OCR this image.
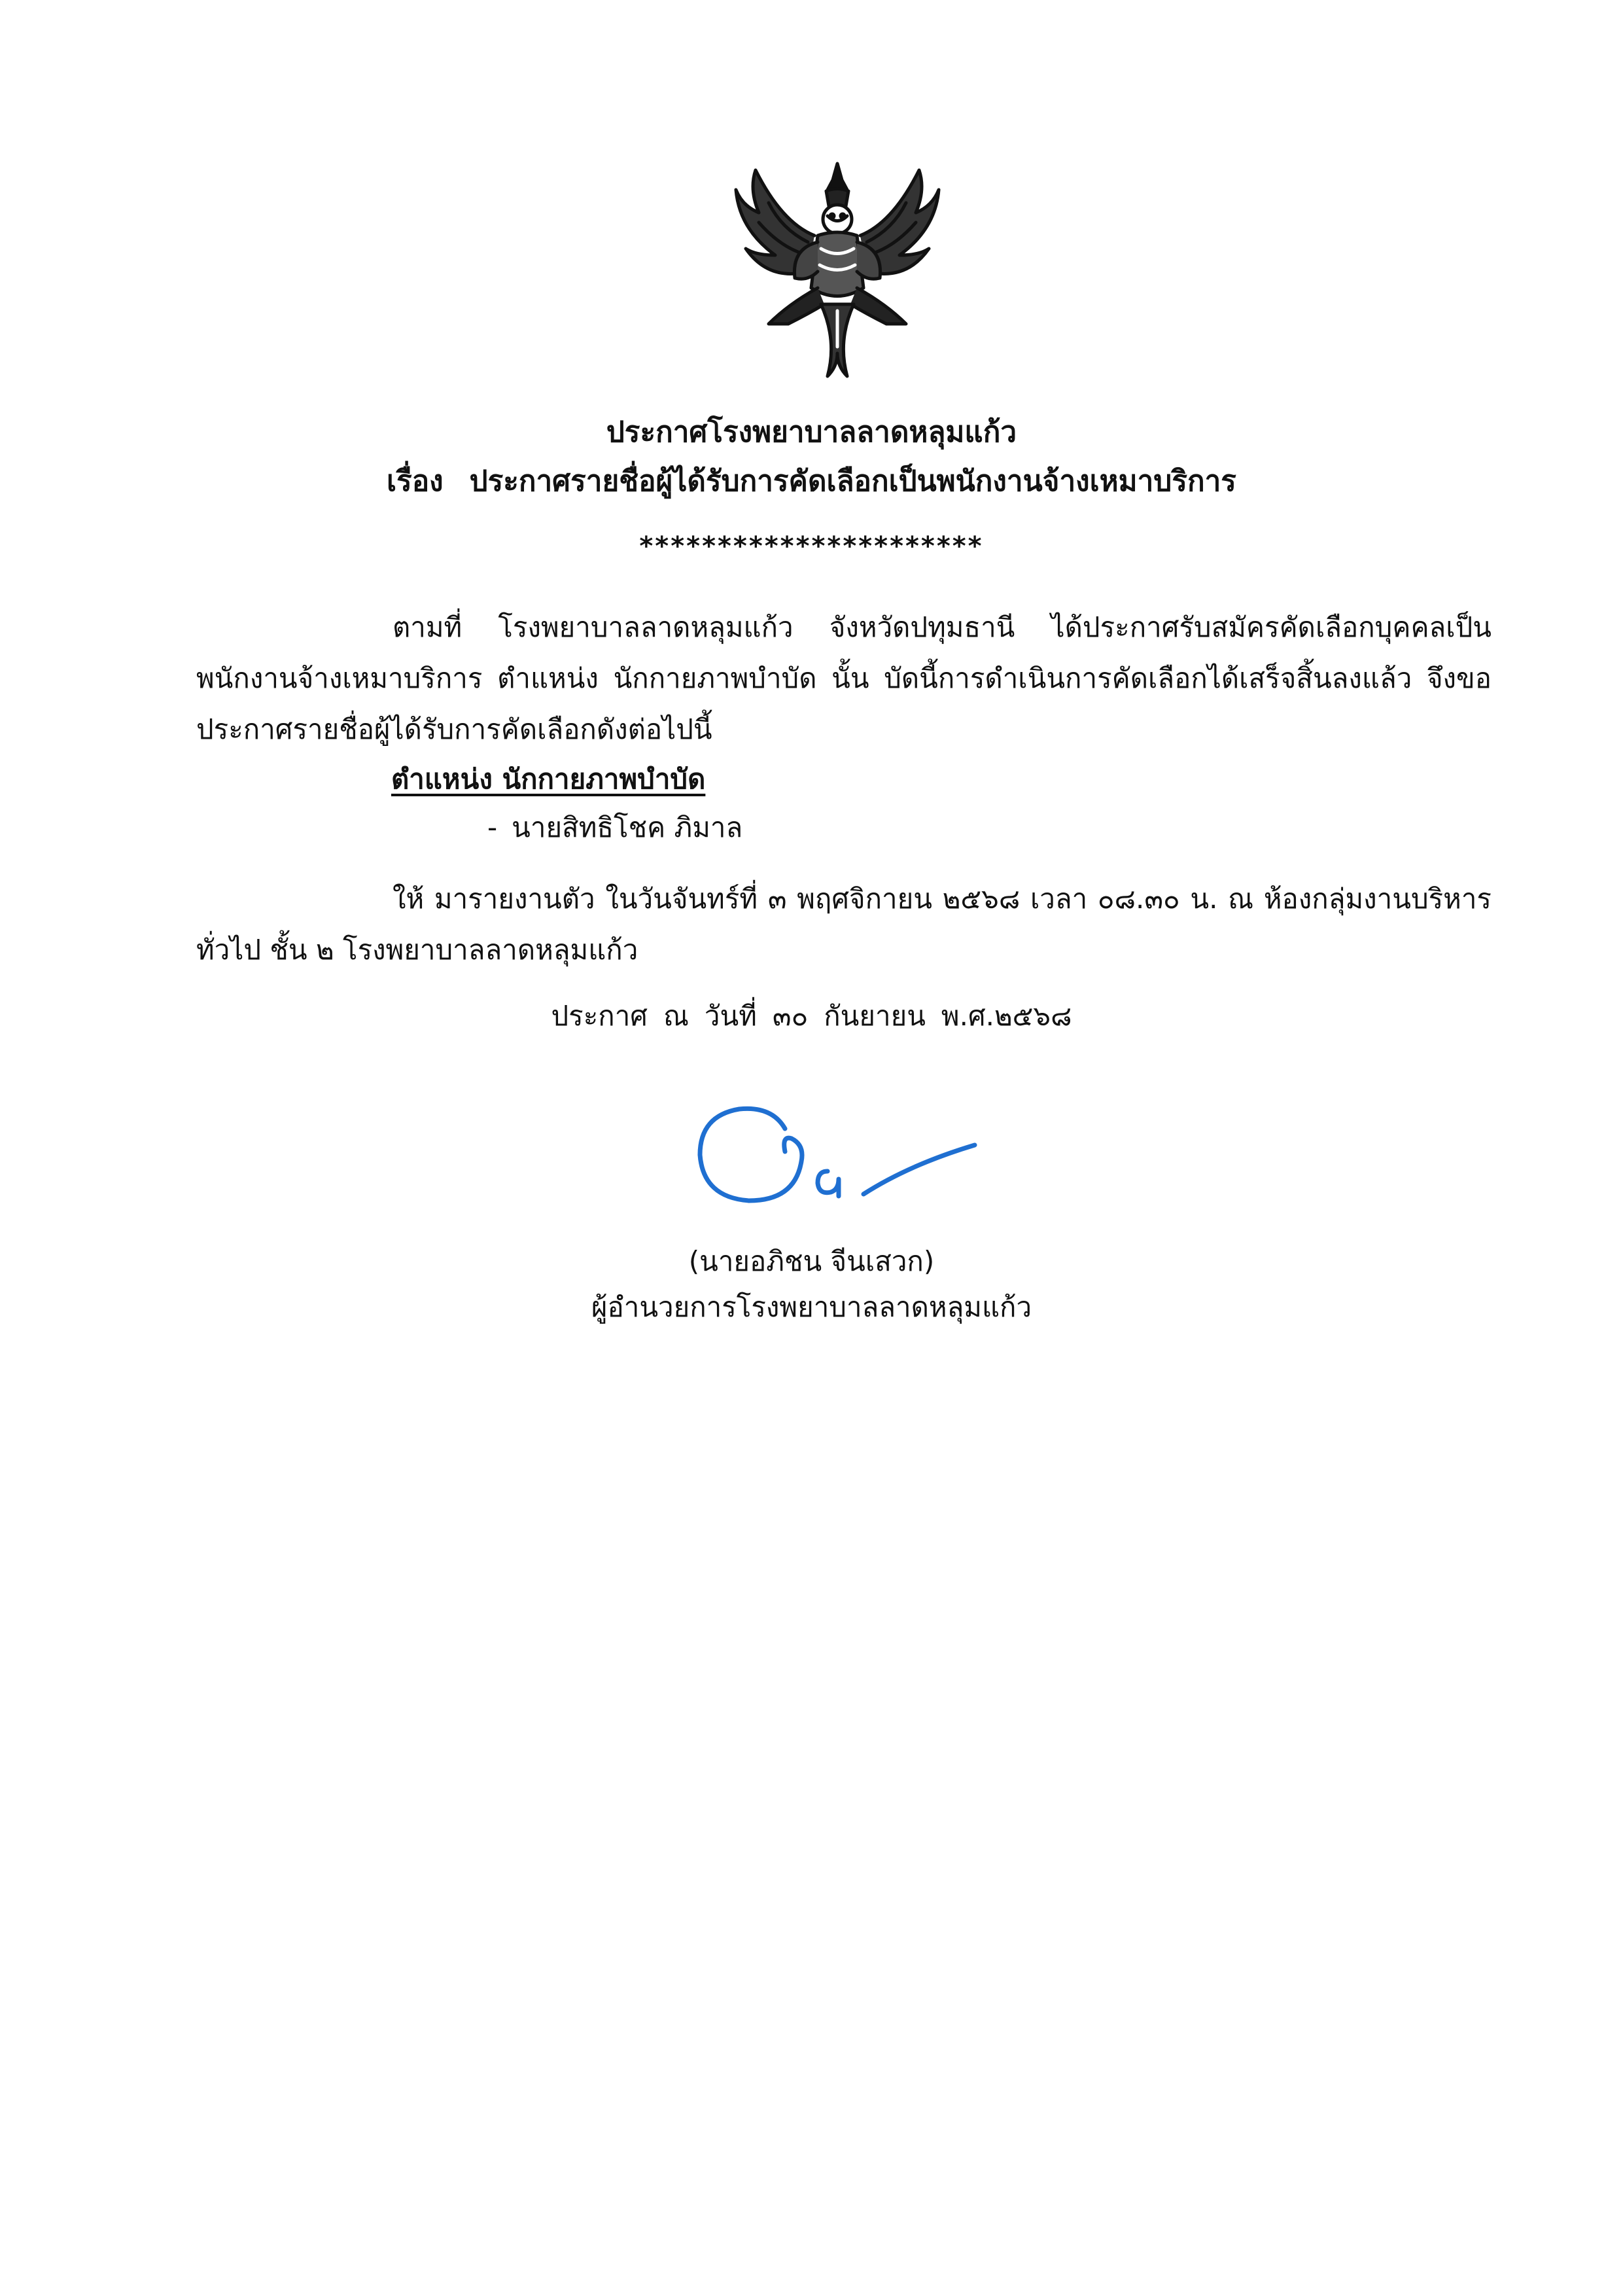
ประกาศโรงพยาบาลลาดหลุมแก้ว
เรื่อง ประกาศรายชื่อผู้ได้รับการคัดเลือกเป็นพนักงานจ้างเหมาบริการ
**********************
ตามที่ โรงพยาบาลลาดหลุมแก้ว จังหวัดปทุมธานี ได้ประกาศรับสมัครคัดเลือกบุคคลเป็นพนักงานจ้างเหมาบริการ ตำแหน่ง นักกายภาพบำบัด นั้น บัดนี้การดำเนินการคัดเลือกได้เสร็จสิ้นลงแล้ว จึงขอประกาศรายชื่อผู้ได้รับการคัดเลือกดังต่อไปนี้
ตำแหน่ง นักกายภาพบำบัด
- นายสิทธิโชค ภิมาล
ให้ มารายงานตัว ในวันจันทร์ที่ ๓ พฤศจิกายน ๒๕๖๘ เวลา ๐๘.๓๐ น. ณ ห้องกลุ่มงานบริหารทั่วไป ชั้น ๒ โรงพยาบาลลาดหลุมแก้ว
ประกาศ ณ วันที่ ๓๐ กันยายน พ.ศ.๒๕๖๘
(นายอภิชน จีนเสวก)
ผู้อำนวยการโรงพยาบาลลาดหลุมแก้ว
